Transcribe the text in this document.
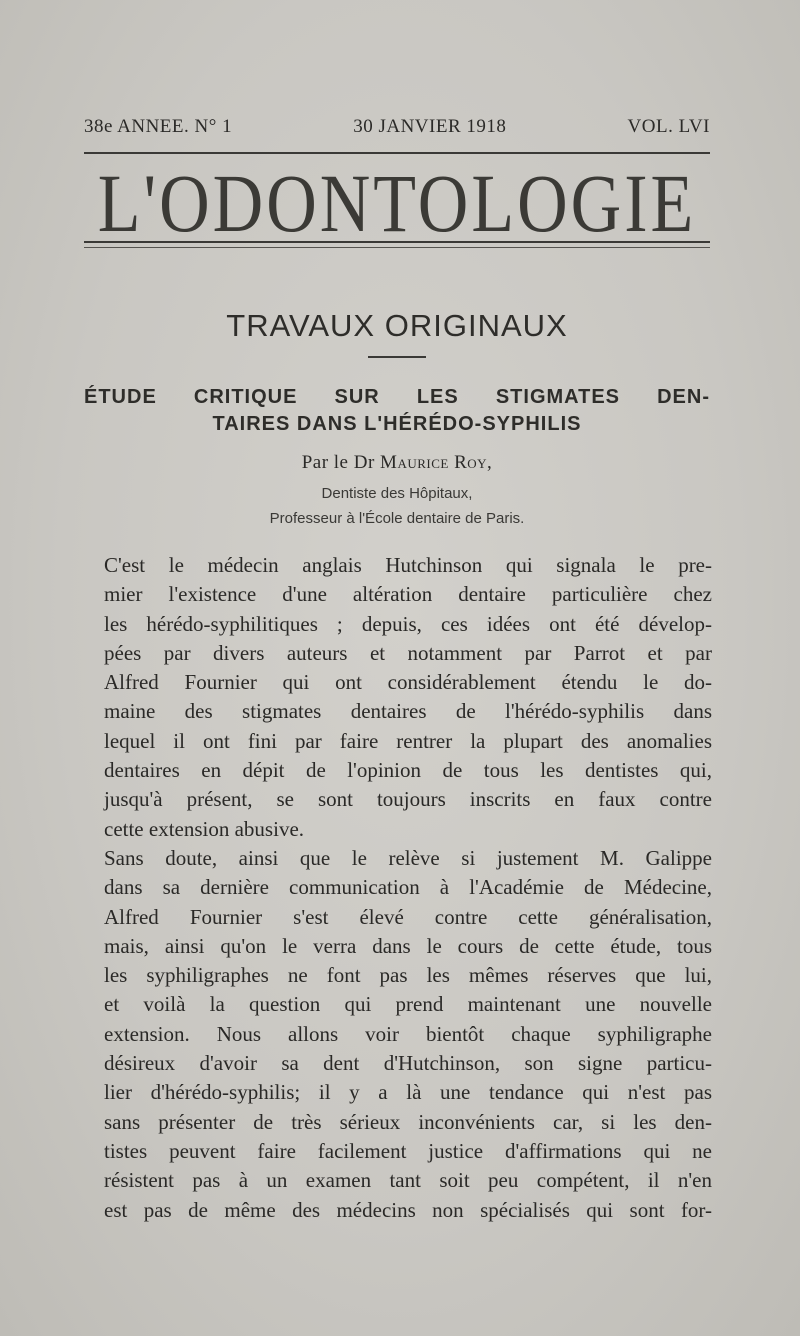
38e ANNEE. N° 1	30 JANVIER 1918	VOL. LVI
L'ODONTOLOGIE
TRAVAUX ORIGINAUX
ÉTUDE CRITIQUE SUR LES STIGMATES DEN-
TAIRES DANS L'HÉRÉDO-SYPHILIS
Par le Dr Maurice Roy,
Dentiste des Hôpitaux,
Professeur à l'École dentaire de Paris.

C'est le médecin anglais Hutchinson qui signala le pre-
mier l'existence d'une altération dentaire particulière chez
les hérédo-syphilitiques ; depuis, ces idées ont été dévelop-
pées par divers auteurs et notamment par Parrot et par
Alfred Fournier qui ont considérablement étendu le do-
maine des stigmates dentaires de l'hérédo-syphilis dans
lequel il ont fini par faire rentrer la plupart des anomalies
dentaires en dépit de l'opinion de tous les dentistes qui,
jusqu'à présent, se sont toujours inscrits en faux contre
cette extension abusive.

Sans doute, ainsi que le relève si justement M. Galippe
dans sa dernière communication à l'Académie de Médecine,
Alfred Fournier s'est élevé contre cette généralisation,
mais, ainsi qu'on le verra dans le cours de cette étude, tous
les syphiligraphes ne font pas les mêmes réserves que lui,
et voilà la question qui prend maintenant une nouvelle
extension. Nous allons voir bientôt chaque syphiligraphe
désireux d'avoir sa dent d'Hutchinson, son signe particu-
lier d'hérédo-syphilis; il y a là une tendance qui n'est pas
sans présenter de très sérieux inconvénients car, si les den-
tistes peuvent faire facilement justice d'affirmations qui ne
résistent pas à un examen tant soit peu compétent, il n'en
est pas de même des médecins non spécialisés qui sont for-
